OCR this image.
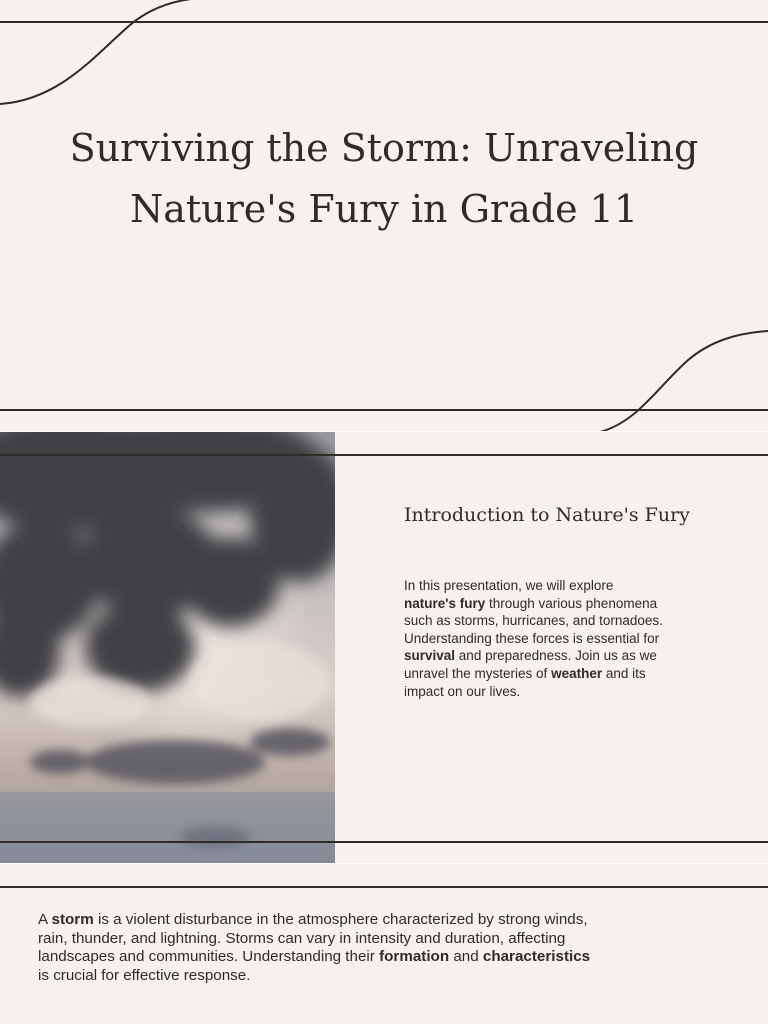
Surviving the Storm: Unraveling
Nature's Fury in Grade 11
Introduction to Nature's Fury

In this presentation, we will explore
nature's fury through various phenomena
such as storms, hurricanes, and tornadoes.
Understanding these forces is essential for
survival and preparedness. Join us as we
unravel the mysteries of weather and its
impact on our lives.

A storm is a violent disturbance in the atmosphere characterized by strong winds,
rain, thunder, and lightning. Storms can vary in intensity and duration, affecting
landscapes and communities. Understanding their formation and characteristics
is crucial for effective response.
